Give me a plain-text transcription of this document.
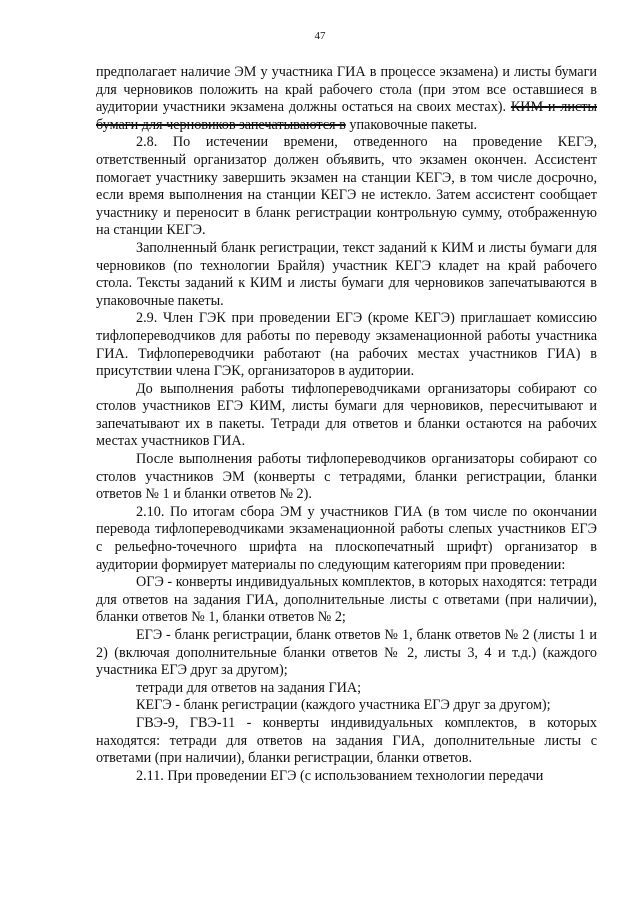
47

предполагает наличие ЭМ у участника ГИА в процессе экзамена) и листы бумаги для черновиков положить на край рабочего стола (при этом все оставшиеся в аудитории участники экзамена должны остаться на своих местах). КИМ и листы бумаги для черновиков запечатываются в упаковочные пакеты.

2.8. По истечении времени, отведенного на проведение КЕГЭ, ответственный организатор должен объявить, что экзамен окончен. Ассистент помогает участнику завершить экзамен на станции КЕГЭ, в том числе досрочно, если время выполнения на станции КЕГЭ не истекло. Затем ассистент сообщает участнику и переносит в бланк регистрации контрольную сумму, отображенную на станции КЕГЭ.

Заполненный бланк регистрации, текст заданий к КИМ и листы бумаги для черновиков (по технологии Брайля) участник КЕГЭ кладет на край рабочего стола. Тексты заданий к КИМ и листы бумаги для черновиков запечатываются в упаковочные пакеты.

2.9. Член ГЭК при проведении ЕГЭ (кроме КЕГЭ) приглашает комиссию тифлопереводчиков для работы по переводу экзаменационной работы участника ГИА. Тифлопереводчики работают (на рабочих местах участников ГИА) в присутствии члена ГЭК, организаторов в аудитории.

До выполнения работы тифлопереводчиками организаторы собирают со столов участников ЕГЭ КИМ, листы бумаги для черновиков, пересчитывают и запечатывают их в пакеты. Тетради для ответов и бланки остаются на рабочих местах участников ГИА.

После выполнения работы тифлопереводчиков организаторы собирают со столов участников ЭМ (конверты с тетрадями, бланки регистрации, бланки ответов № 1 и бланки ответов № 2).

2.10. По итогам сбора ЭМ у участников ГИА (в том числе по окончании перевода тифлопереводчиками экзаменационной работы слепых участников ЕГЭ с рельефно-точечного шрифта на плоскопечатный шрифт) организатор в аудитории формирует материалы по следующим категориям при проведении:

ОГЭ - конверты индивидуальных комплектов, в которых находятся: тетради для ответов на задания ГИА, дополнительные листы с ответами (при наличии), бланки ответов № 1, бланки ответов № 2;

ЕГЭ - бланк регистрации, бланк ответов № 1, бланк ответов № 2 (листы 1 и 2) (включая дополнительные бланки ответов № 2, листы 3, 4 и т.д.) (каждого участника ЕГЭ друг за другом);

тетради для ответов на задания ГИА;

КЕГЭ - бланк регистрации (каждого участника ЕГЭ друг за другом);

ГВЭ-9, ГВЭ-11 - конверты индивидуальных комплектов, в которых находятся: тетради для ответов на задания ГИА, дополнительные листы с ответами (при наличии), бланки регистрации, бланки ответов.

2.11. При проведении ЕГЭ (с использованием технологии передачи
